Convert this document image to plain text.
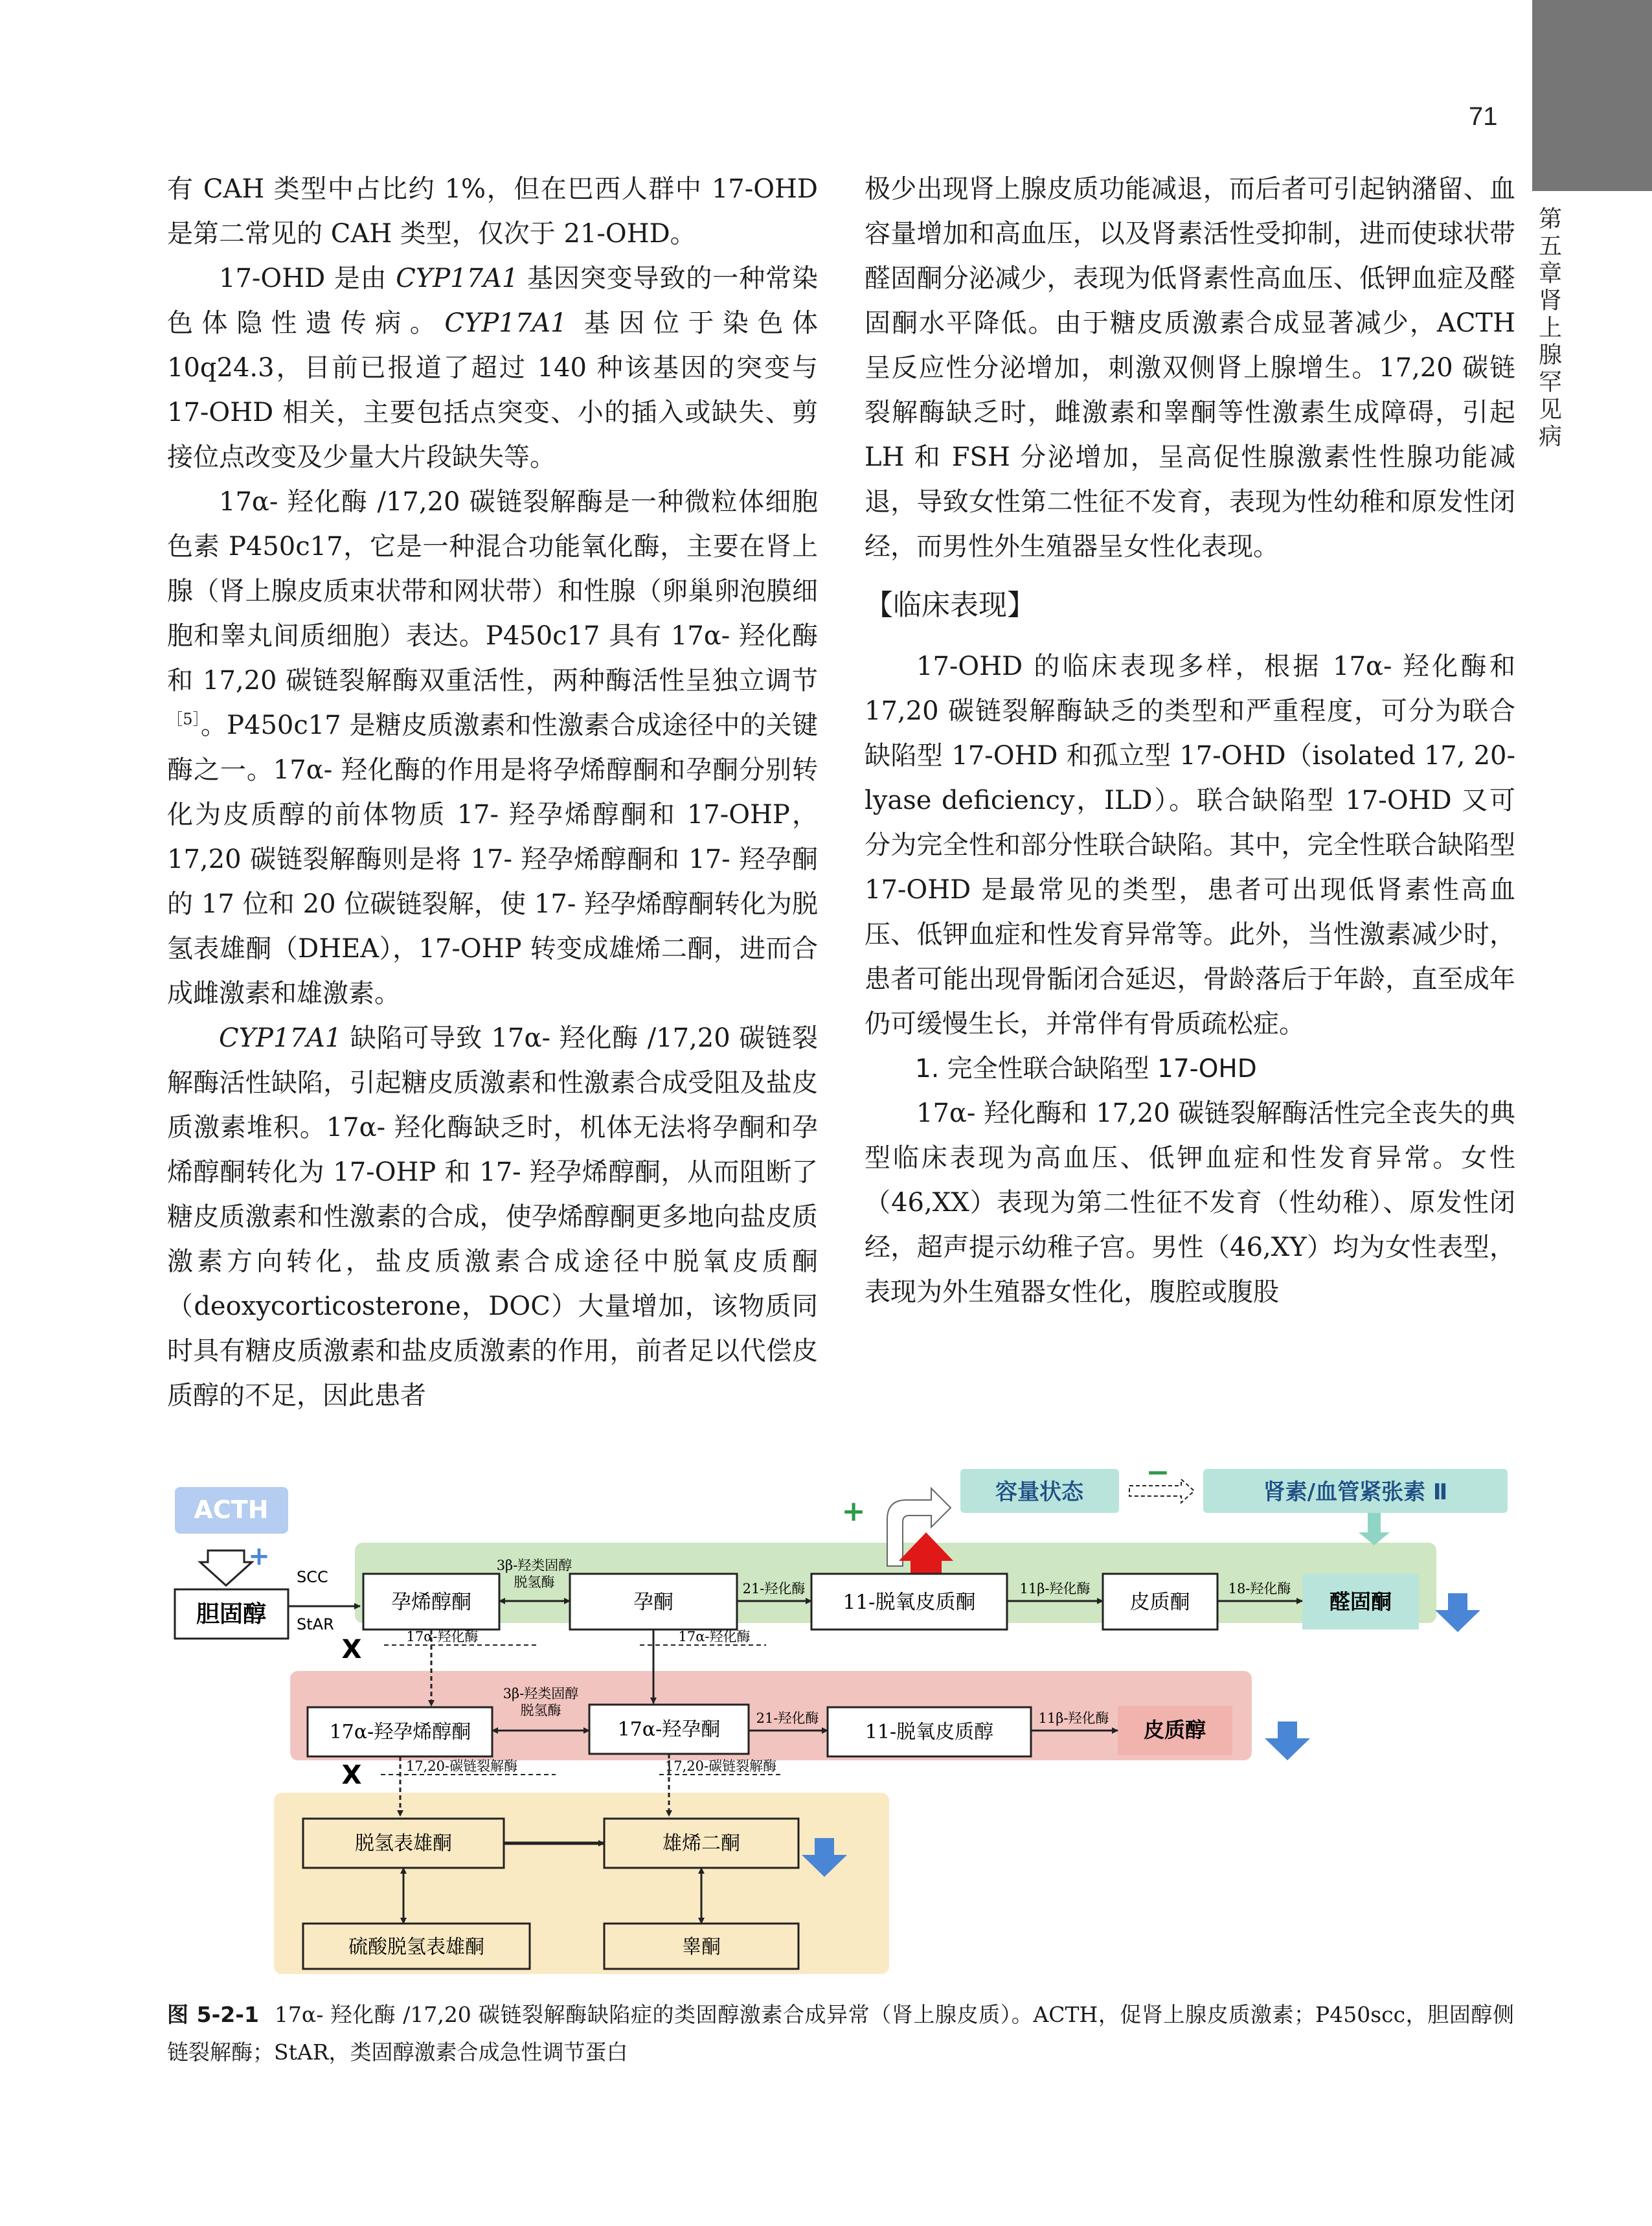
71
第五章 肾上腺罕见病

有 CAH 类型中占比约 1%，但在巴西人群中 17-OHD 是第二常见的 CAH 类型，仅次于 21-OHD。

17-OHD 是由 CYP17A1 基因突变导致的一种常染色体隐性遗传病。CYP17A1 基因位于染色体 10q24.3，目前已报道了超过 140 种该基因的突变与 17-OHD 相关，主要包括点突变、小的插入或缺失、剪接位点改变及少量大片段缺失等。

17α- 羟化酶 /17,20 碳链裂解酶是一种微粒体细胞色素 P450c17，它是一种混合功能氧化酶，主要在肾上腺（肾上腺皮质束状带和网状带）和性腺（卵巢卵泡膜细胞和睾丸间质细胞）表达。P450c17 具有 17α- 羟化酶和 17,20 碳链裂解酶双重活性，两种酶活性呈独立调节$^{[5]}$。P450c17 是糖皮质激素和性激素合成途径中的关键酶之一。17α- 羟化酶的作用是将孕烯醇酮和孕酮分别转化为皮质醇的前体物质 17- 羟孕烯醇酮和 17-OHP，17,20 碳链裂解酶则是将 17- 羟孕烯醇酮和 17- 羟孕酮的 17 位和 20 位碳链裂解，使 17- 羟孕烯醇酮转化为脱氢表雄酮（DHEA），17-OHP 转变成雄烯二酮，进而合成雌激素和雄激素。

CYP17A1 缺陷可导致 17α- 羟化酶 /17,20 碳链裂解酶活性缺陷，引起糖皮质激素和性激素合成受阻及盐皮质激素堆积。17α- 羟化酶缺乏时，机体无法将孕酮和孕烯醇酮转化为 17-OHP 和 17- 羟孕烯醇酮，从而阻断了糖皮质激素和性激素的合成，使孕烯醇酮更多地向盐皮质激素方向转化，盐皮质激素合成途径中脱氧皮质酮（deoxycorticosterone，DOC）大量增加，该物质同时具有糖皮质激素和盐皮质激素的作用，前者足以代偿皮质醇的不足，因此患者

极少出现肾上腺皮质功能减退，而后者可引起钠潴留、血容量增加和高血压，以及肾素活性受抑制，进而使球状带醛固酮分泌减少，表现为低肾素性高血压、低钾血症及醛固酮水平降低。由于糖皮质激素合成显著减少，ACTH 呈反应性分泌增加，刺激双侧肾上腺增生。17,20 碳链裂解酶缺乏时，雌激素和睾酮等性激素生成障碍，引起 LH 和 FSH 分泌增加，呈高促性腺激素性性腺功能减退，导致女性第二性征不发育，表现为性幼稚和原发性闭经，而男性外生殖器呈女性化表现。

【临床表现】

17-OHD 的临床表现多样，根据 17α- 羟化酶和 17,20 碳链裂解酶缺乏的类型和严重程度，可分为联合缺陷型 17-OHD 和孤立型 17-OHD（isolated 17, 20-lyase deficiency，ILD）。联合缺陷型 17-OHD 又可分为完全性和部分性联合缺陷。其中，完全性联合缺陷型 17-OHD 是最常见的类型，患者可出现低肾素性高血压、低钾血症和性发育异常等。此外，当性激素减少时，患者可能出现骨骺闭合延迟，骨龄落后于年龄，直至成年仍可缓慢生长，并常伴有骨质疏松症。

1. 完全性联合缺陷型 17-OHD

17α- 羟化酶和 17,20 碳链裂解酶活性完全丧失的典型临床表现为高血压、低钾血症和性发育异常。女性（46,XX）表现为第二性征不发育（性幼稚）、原发性闭经，超声提示幼稚子宫。男性（46,XY）均为女性表型，表现为外生殖器女性化，腹腔或腹股

ACTH
+
胆固醇
SCC
StAR
+
容量状态
−
肾素/血管紧张素 Ⅱ
孕烯醇酮	孕酮	11-脱氧皮质酮	皮质酮	醛固酮
3β-羟类固醇
脱氢酶	21-羟化酶	11β-羟化酶	18-羟化酶
X	17α-羟化酶	17α-羟化酶
17α-羟孕烯醇酮	17α-羟孕酮	11-脱氧皮质醇	皮质醇
3β-羟类固醇
脱氢酶	21-羟化酶	11β-羟化酶
X	17,20-碳链裂解酶	17,20-碳链裂解酶
脱氢表雄酮	雄烯二酮
硫酸脱氢表雄酮	睾酮
图 5-2-1 17α- 羟化酶 /17,20 碳链裂解酶缺陷症的类固醇激素合成异常（肾上腺皮质）。ACTH，促肾上腺皮质激素；P450scc，胆固醇侧链裂解酶；StAR，类固醇激素合成急性调节蛋白
